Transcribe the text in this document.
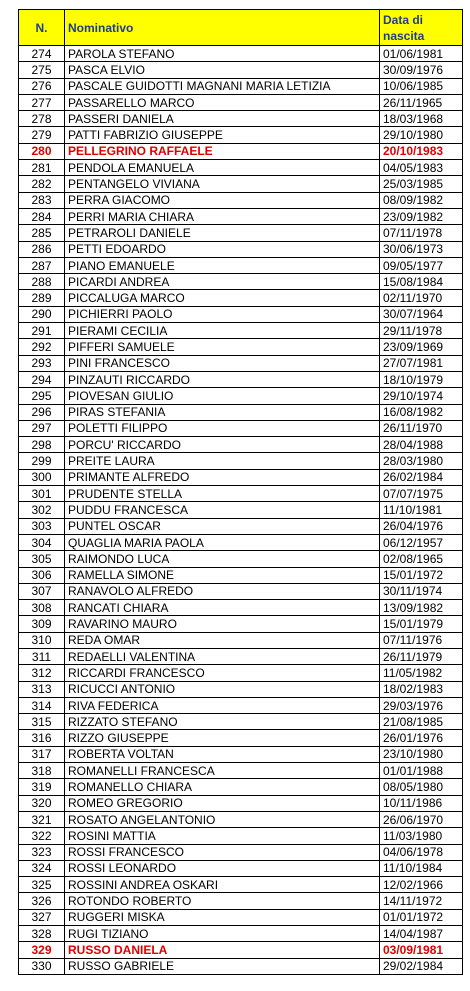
N.	Nominativo	Data di nascita
274	PAROLA STEFANO	01/06/1981
275	PASCA ELVIO	30/09/1976
276	PASCALE GUIDOTTI MAGNANI MARIA LETIZIA	10/06/1985
277	PASSARELLO MARCO	26/11/1965
278	PASSERI DANIELA	18/03/1968
279	PATTI FABRIZIO GIUSEPPE	29/10/1980
280	PELLEGRINO RAFFAELE	20/10/1983
281	PENDOLA EMANUELA	04/05/1983
282	PENTANGELO VIVIANA	25/03/1985
283	PERRA GIACOMO	08/09/1982
284	PERRI MARIA CHIARA	23/09/1982
285	PETRAROLI DANIELE	07/11/1978
286	PETTI EDOARDO	30/06/1973
287	PIANO EMANUELE	09/05/1977
288	PICARDI ANDREA	15/08/1984
289	PICCALUGA MARCO	02/11/1970
290	PICHIERRI PAOLO	30/07/1964
291	PIERAMI CECILIA	29/11/1978
292	PIFFERI SAMUELE	23/09/1969
293	PINI FRANCESCO	27/07/1981
294	PINZAUTI RICCARDO	18/10/1979
295	PIOVESAN GIULIO	29/10/1974
296	PIRAS STEFANIA	16/08/1982
297	POLETTI FILIPPO	26/11/1970
298	PORCU' RICCARDO	28/04/1988
299	PREITE LAURA	28/03/1980
300	PRIMANTE ALFREDO	26/02/1984
301	PRUDENTE STELLA	07/07/1975
302	PUDDU FRANCESCA	11/10/1981
303	PUNTEL OSCAR	26/04/1976
304	QUAGLIA MARIA PAOLA	06/12/1957
305	RAIMONDO LUCA	02/08/1965
306	RAMELLA SIMONE	15/01/1972
307	RANAVOLO ALFREDO	30/11/1974
308	RANCATI CHIARA	13/09/1982
309	RAVARINO MAURO	15/01/1979
310	REDA OMAR	07/11/1976
311	REDAELLI VALENTINA	26/11/1979
312	RICCARDI FRANCESCO	11/05/1982
313	RICUCCI ANTONIO	18/02/1983
314	RIVA FEDERICA	29/03/1976
315	RIZZATO STEFANO	21/08/1985
316	RIZZO GIUSEPPE	26/01/1976
317	ROBERTA VOLTAN	23/10/1980
318	ROMANELLI FRANCESCA	01/01/1988
319	ROMANELLO CHIARA	08/05/1980
320	ROMEO GREGORIO	10/11/1986
321	ROSATO ANGELANTONIO	26/06/1970
322	ROSINI MATTIA	11/03/1980
323	ROSSI FRANCESCO	04/06/1978
324	ROSSI LEONARDO	11/10/1984
325	ROSSINI ANDREA OSKARI	12/02/1966
326	ROTONDO ROBERTO	14/11/1972
327	RUGGERI MISKA	01/01/1972
328	RUGI TIZIANO	14/04/1987
329	RUSSO DANIELA	03/09/1981
330	RUSSO GABRIELE	29/02/1984
